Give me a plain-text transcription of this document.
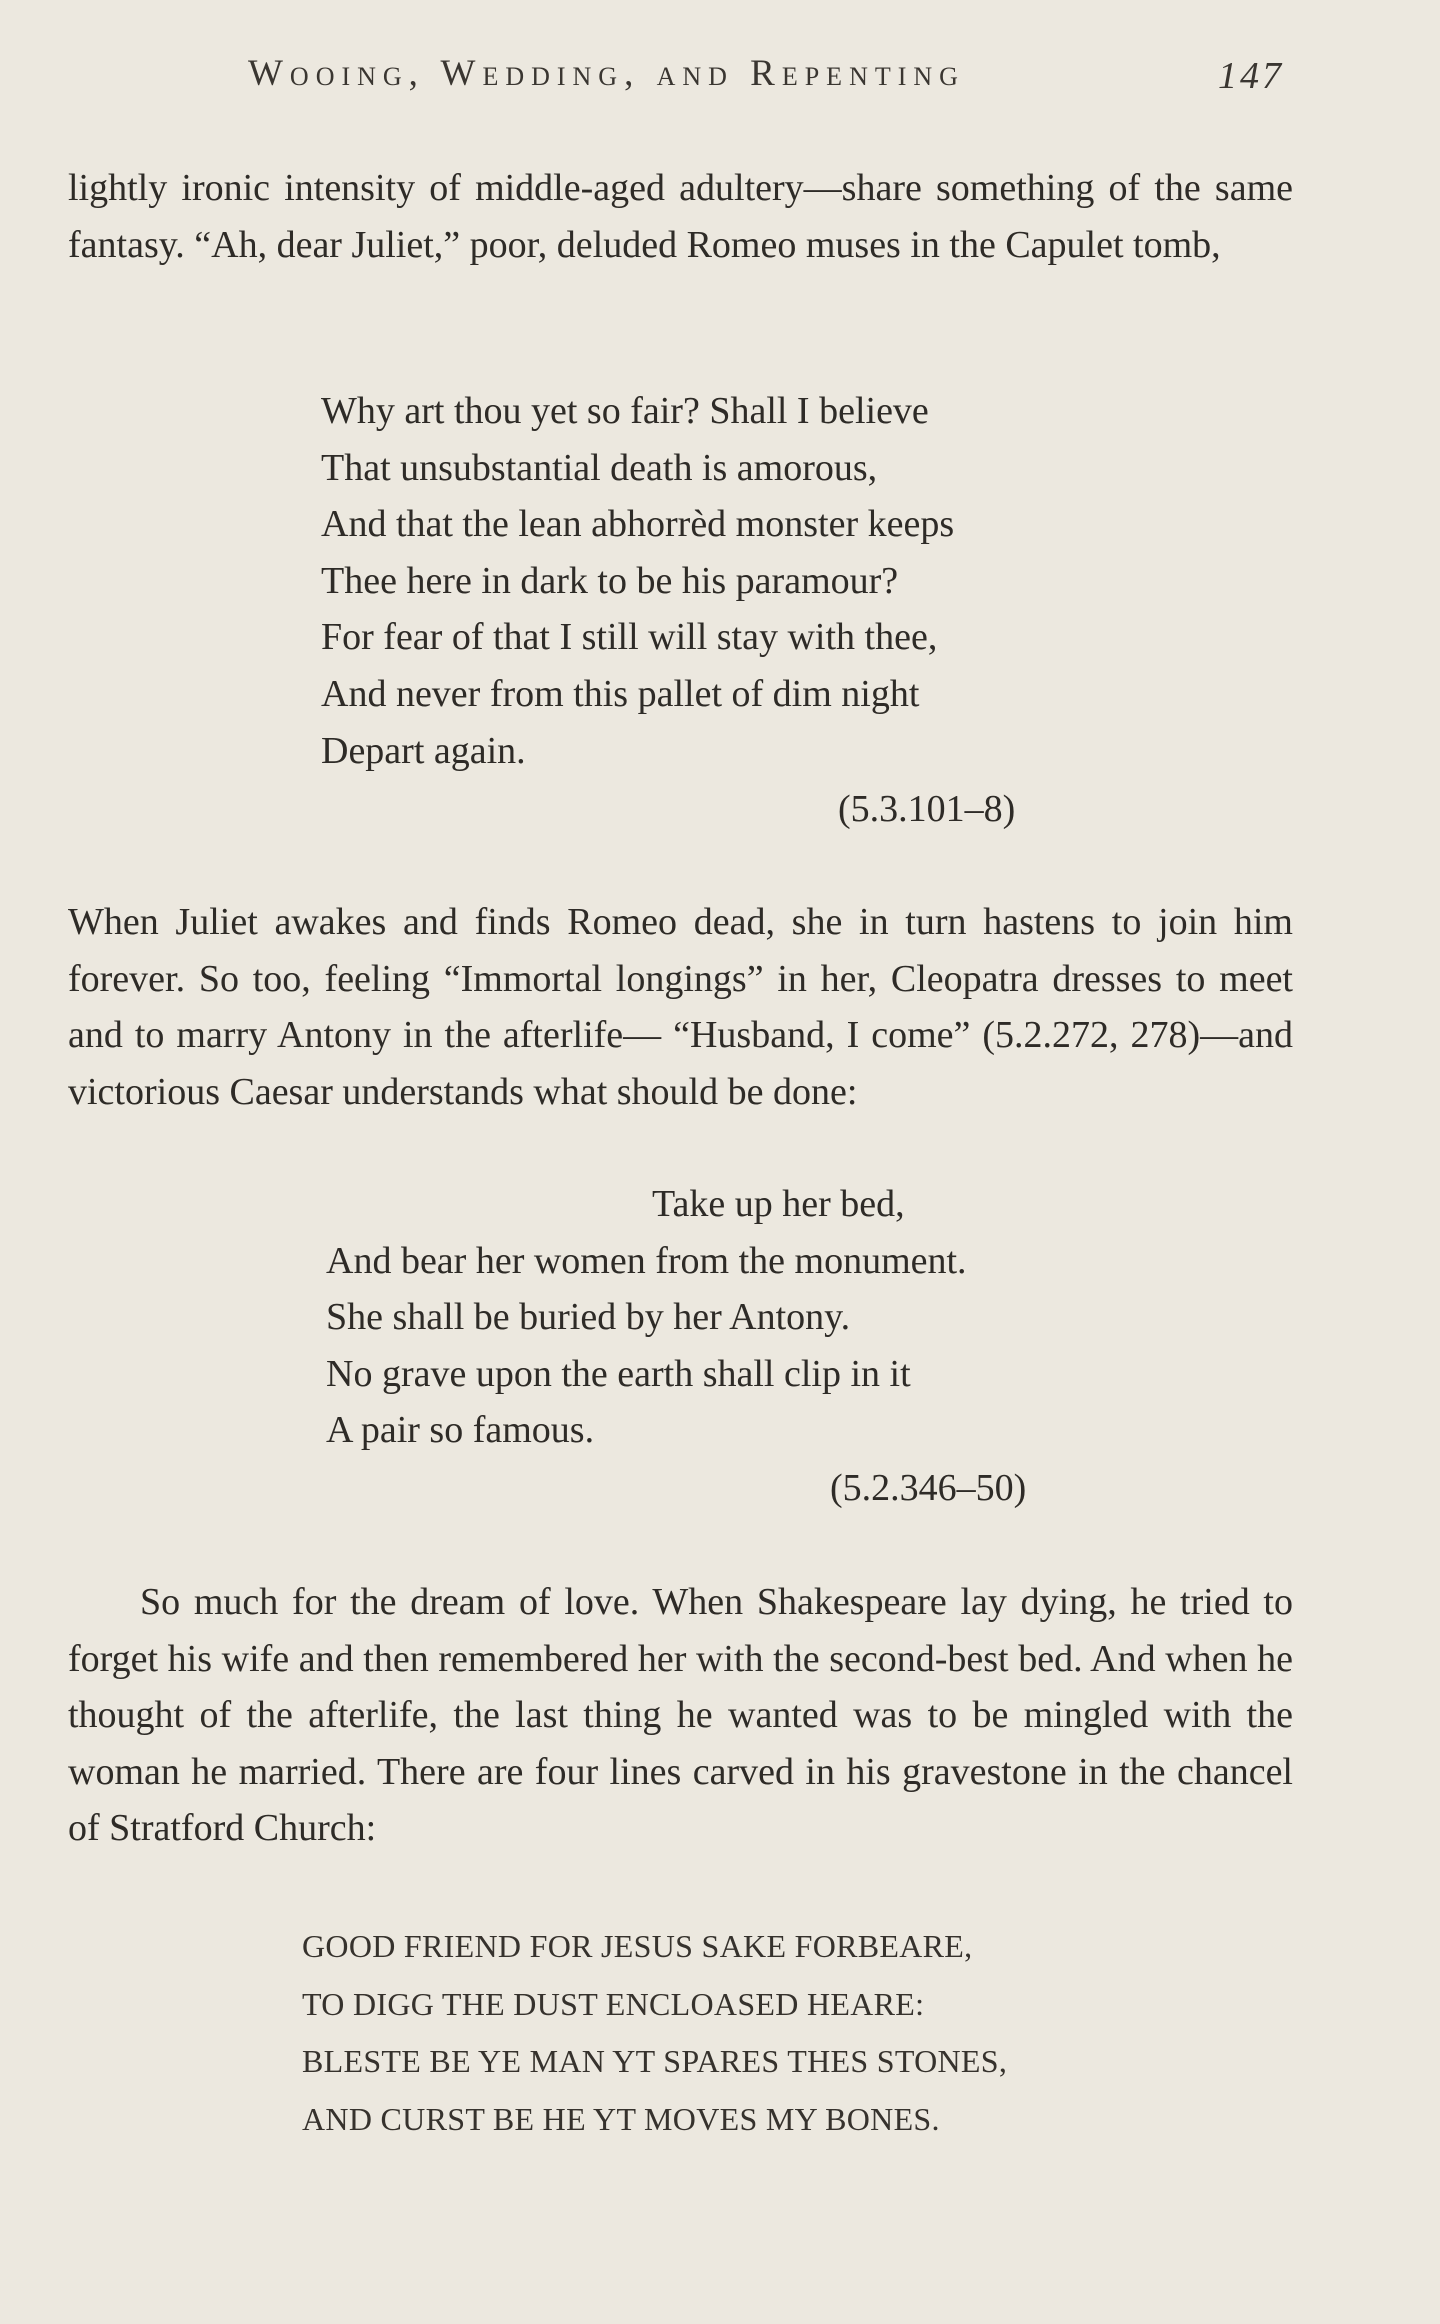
Wooing, Wedding, and Repenting	147

lightly ironic intensity of middle-aged adultery—share something of the same fantasy. “Ah, dear Juliet,” poor, deluded Romeo muses in the Capulet tomb,

Why art thou yet so fair? Shall I believe
That unsubstantial death is amorous,
And that the lean abhorrèd monster keeps
Thee here in dark to be his paramour?
For fear of that I still will stay with thee,
And never from this pallet of dim night
Depart again.
(5.3.101–8)

When Juliet awakes and finds Romeo dead, she in turn hastens to join him forever. So too, feeling “Immortal longings” in her, Cleopatra dresses to meet and to marry Antony in the afterlife— “Husband, I come” (5.2.272, 278)—and victorious Caesar understands what should be done:

Take up her bed,
And bear her women from the monument.
She shall be buried by her Antony.
No grave upon the earth shall clip in it
A pair so famous.
(5.2.346–50)

So much for the dream of love. When Shakespeare lay dying, he tried to forget his wife and then remembered her with the second-best bed. And when he thought of the afterlife, the last thing he wanted was to be mingled with the woman he married. There are four lines carved in his gravestone in the chancel of Stratford Church:

GOOD FRIEND FOR JESUS SAKE FORBEARE,
TO DIGG THE DUST ENCLOASED HEARE:
BLESTE BE YE MAN YT SPARES THES STONES,
AND CURST BE HE YT MOVES MY BONES.
